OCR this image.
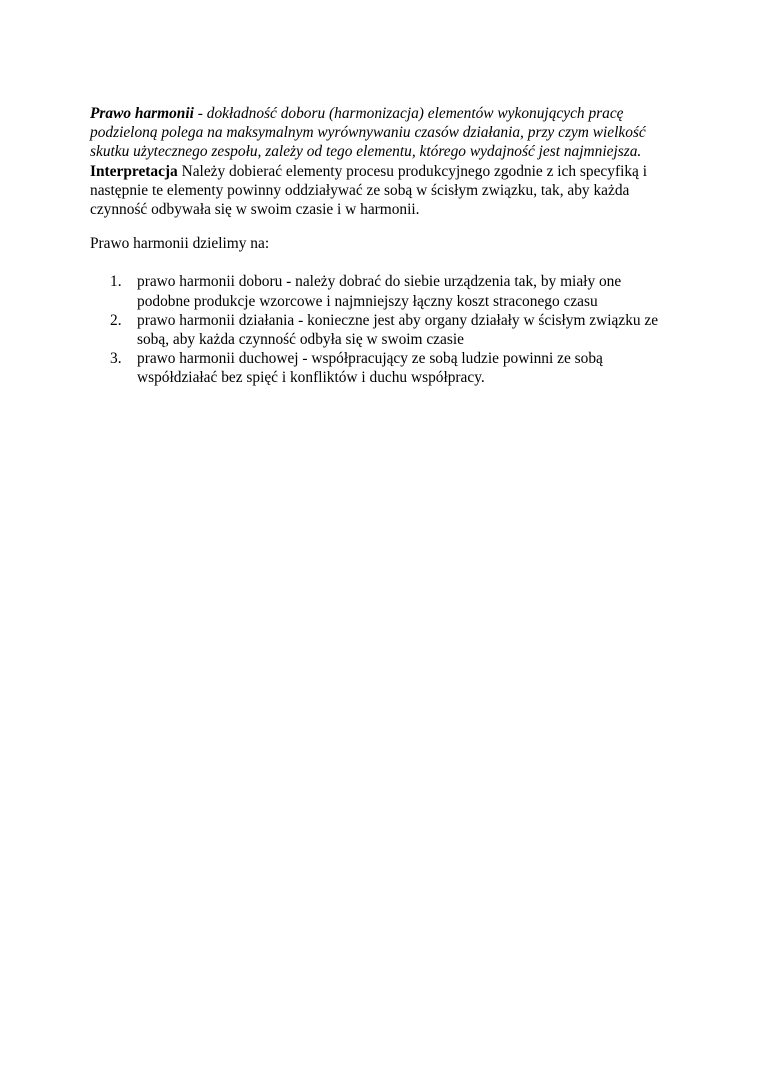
Prawo harmonii - dokładność doboru (harmonizacja) elementów wykonujących pracę podzieloną polega na maksymalnym wyrównywaniu czasów działania, przy czym wielkość skutku użytecznego zespołu, zależy od tego elementu, którego wydajność jest najmniejsza.
Interpretacja Należy dobierać elementy procesu produkcyjnego zgodnie z ich specyfiką i następnie te elementy powinny oddziaływać ze sobą w ścisłym związku, tak, aby każda czynność odbywała się w swoim czasie i w harmonii.

Prawo harmonii dzielimy na:

1. prawo harmonii doboru - należy dobrać do siebie urządzenia tak, by miały one podobne produkcje wzorcowe i najmniejszy łączny koszt straconego czasu
2. prawo harmonii działania - konieczne jest aby organy działały w ścisłym związku ze sobą, aby każda czynność odbyła się w swoim czasie
3. prawo harmonii duchowej - współpracujący ze sobą ludzie powinni ze sobą współdziałać bez spięć i konfliktów i duchu współpracy.
